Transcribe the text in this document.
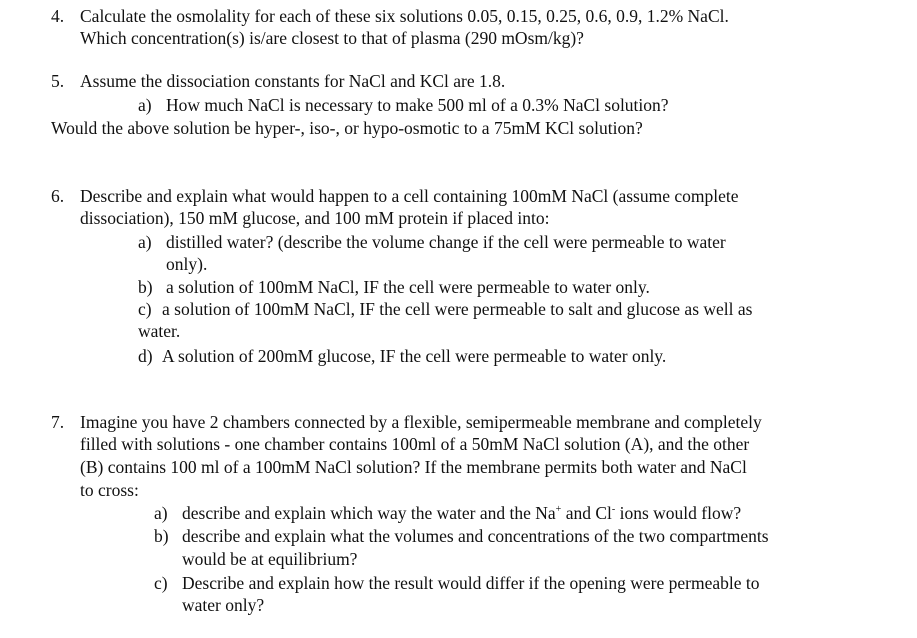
4. Calculate the osmolality for each of these six solutions 0.05, 0.15, 0.25, 0.6, 0.9, 1.2% NaCl.
Which concentration(s) is/are closest to that of plasma (290 mOsm/kg)?
5. Assume the dissociation constants for NaCl and KCl are 1.8.
a) How much NaCl is necessary to make 500 ml of a 0.3% NaCl solution?
Would the above solution be hyper-, iso-, or hypo-osmotic to a 75mM KCl solution?
6. Describe and explain what would happen to a cell containing 100mM NaCl (assume complete
dissociation), 150 mM glucose, and 100 mM protein if placed into:
a) distilled water? (describe the volume change if the cell were permeable to water
only).
b) a solution of 100mM NaCl, IF the cell were permeable to water only.
c) a solution of 100mM NaCl, IF the cell were permeable to salt and glucose as well as
water.
d) A solution of 200mM glucose, IF the cell were permeable to water only.
7. Imagine you have 2 chambers connected by a flexible, semipermeable membrane and completely
filled with solutions - one chamber contains 100ml of a 50mM NaCl solution (A), and the other
(B) contains 100 ml of a 100mM NaCl solution? If the membrane permits both water and NaCl
to cross:
a) describe and explain which way the water and the Na+ and Cl- ions would flow?
b) describe and explain what the volumes and concentrations of the two compartments
would be at equilibrium?
c) Describe and explain how the result would differ if the opening were permeable to
water only?
